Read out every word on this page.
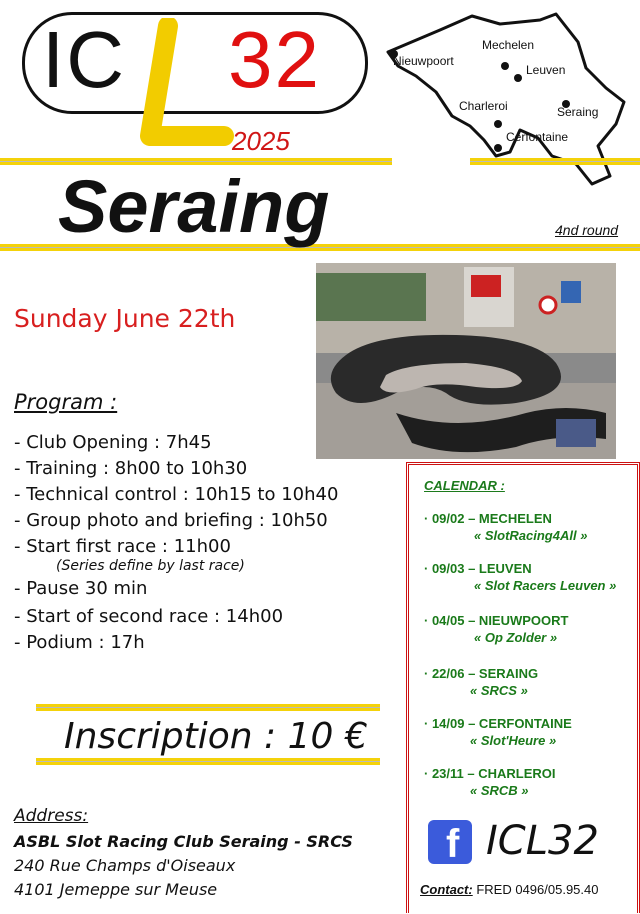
IC 32
2025
Nieuwpoort
Mechelen
Leuven
Charleroi	Seraing
Cerfontaine
Seraing	4nd round
Sunday June 22th
Program :
- Club Opening : 7h45
- Training : 8h00 to 10h30
- Technical control : 10h15 to 10h40
- Group photo and briefing : 10h50
- Start first race : 11h00
(Series define by last race)
- Pause 30 min
- Start of second race : 14h00
- Podium : 17h
Inscription : 10 €
Address:
ASBL Slot Racing Club Seraing - SRCS
240 Rue Champs d'Oiseaux
4101 Jemeppe sur Meuse
CALENDAR :
· 09/02 – MECHELEN
« SlotRacing4All »
· 09/03 – LEUVEN
« Slot Racers Leuven »
· 04/05 – NIEUWPOORT
« Op Zolder »
· 22/06 – SERAING
« SRCS »
· 14/09 – CERFONTAINE
« Slot'Heure »
· 23/11 – CHARLEROI
« SRCB »
f ICL32
Contact: FRED 0496/05.95.40
